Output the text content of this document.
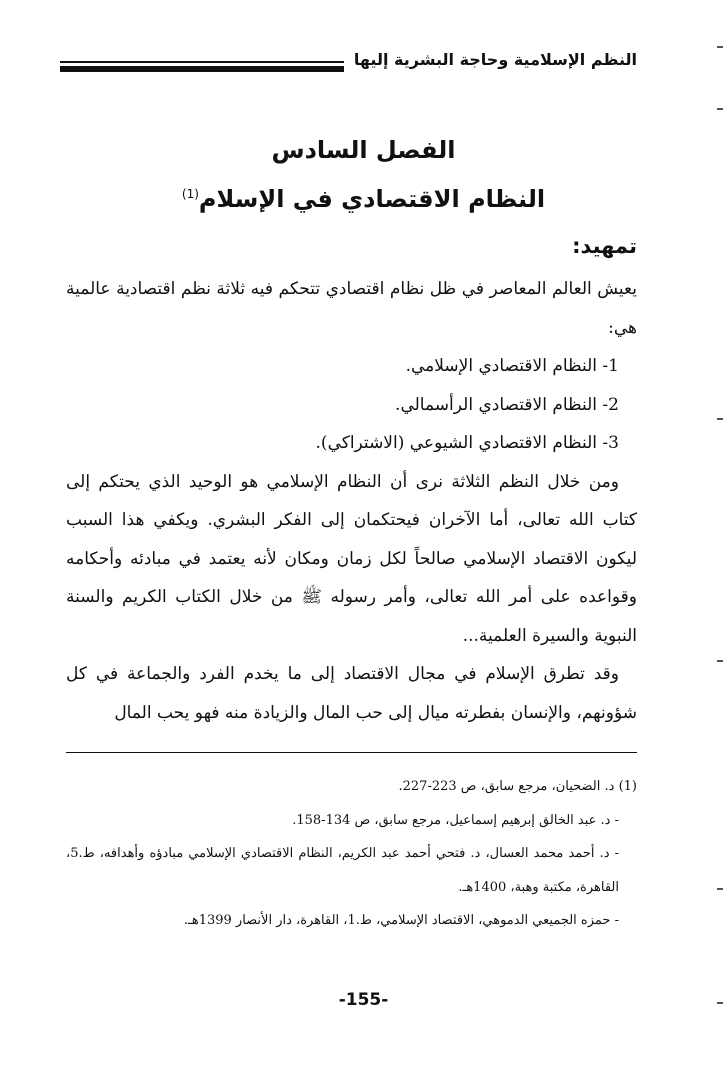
النظم الإسلامية وحاجة البشرية إليها
الفصل السادس
النظام الاقتصادي في الإسلام$^{(1)}$
تمهيد:

يعيش العالم المعاصر في ظل نظام اقتصادي تتحكم فيه ثلاثة نظم اقتصادية عالمية هي:

1- النظام الاقتصادي الإسلامي.

2- النظام الاقتصادي الرأسمالي.

3- النظام الاقتصادي الشيوعي (الاشتراكي).

ومن خلال النظم الثلاثة نرى أن النظام الإسلامي هو الوحيد الذي يحتكم إلى كتاب الله تعالى، أما الآخران فيحتكمان إلى الفكر البشري. ويكفي هذا السبب ليكون الاقتصاد الإسلامي صالحاً لكل زمان ومكان لأنه يعتمد في مبادئه وأحكامه وقواعده على أمر الله تعالى، وأمر رسوله ﷺ من خلال الكتاب الكريم والسنة النبوية والسيرة العلمية...

وقد تطرق الإسلام في مجال الاقتصاد إلى ما يخدم الفرد والجماعة في كل شؤونهم، والإنسان بفطرته ميال إلى حب المال والزيادة منه فهو يحب المال

(1) د. الضحيان، مرجع سابق، ص 223-227.

- د. عبد الخالق إبرهيم إسماعيل، مرجع سابق، ص 134-158.

- د. أحمد محمد العسال، د. فتحي أحمد عبد الكريم، النظام الاقتصادي الإسلامي مبادؤه وأهدافه، ط.5، القاهرة، مكتبة وهبة، 1400هـ.

- حمزه الجميعي الدموهي، الاقتصاد الإسلامي، ط.1، القاهرة، دار الأنصار 1399هـ.

-155-
